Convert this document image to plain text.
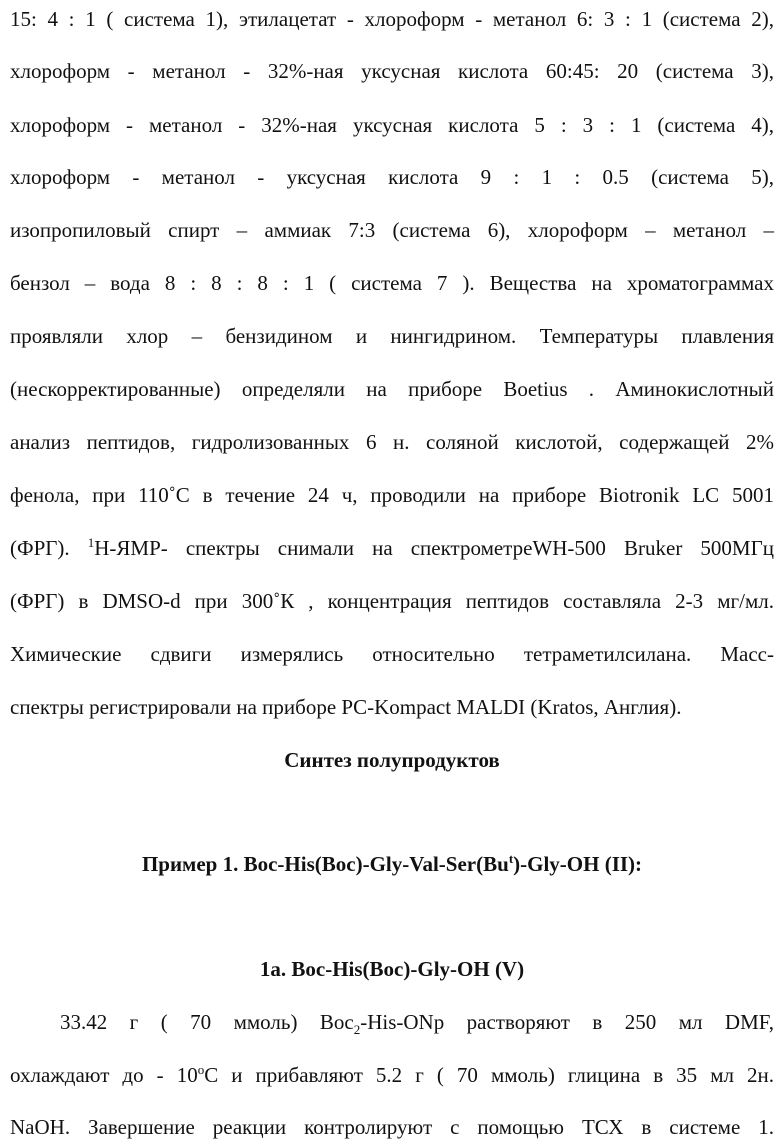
15: 4 : 1 ( система 1), этилацетат - хлороформ - метанол 6: 3 : 1 (система 2),
хлороформ - метанол - 32%-ная уксусная кислота 60:45: 20 (система 3),
хлороформ - метанол - 32%-ная уксусная кислота 5 : 3 : 1 (система 4),
хлороформ - метанол - уксусная кислота 9 : 1 : 0.5 (система 5),
изопропиловый спирт – аммиак 7:3 (система 6), хлороформ – метанол –
бензол – вода 8 : 8 : 8 : 1 ( система 7 ). Вещества на хроматограммах
проявляли хлор – бензидином и нингидрином. Температуры плавления
(нескорректированные) определяли на приборе Boetius . Аминокислотный
анализ пептидов, гидролизованных 6 н. соляной кислотой, содержащей 2%
фенола, при 110˚С в течение 24 ч, проводили на приборе Biotronik LC 5001
(ФРГ). 1Н-ЯМР- спектры снимали на спектрометреWH-500 Bruker 500МГц
(ФРГ) в DMSO-d при 300˚К , концентрация пептидов составляла 2-3 мг/мл.
Химические сдвиги измерялись относительно тетраметилсилана. Масс-
спектры регистрировали на приборе PC-Kompact MALDI (Kratos, Англия).
Синтез полупродуктов
Пример 1. Boc-His(Boc)-Gly-Val-Ser(But)-Gly-OH (II):
1a. Boc-His(Boc)-Gly-OH (V)
33.42 г ( 70 ммоль) Boc2-His-ONp растворяют в 250 мл DMF,
охлаждают до - 10oC и прибавляют 5.2 г ( 70 ммоль) глицина в 35 мл 2н.
NaOH. Завершение реакции контролируют с помощью ТСХ в системе 1.
